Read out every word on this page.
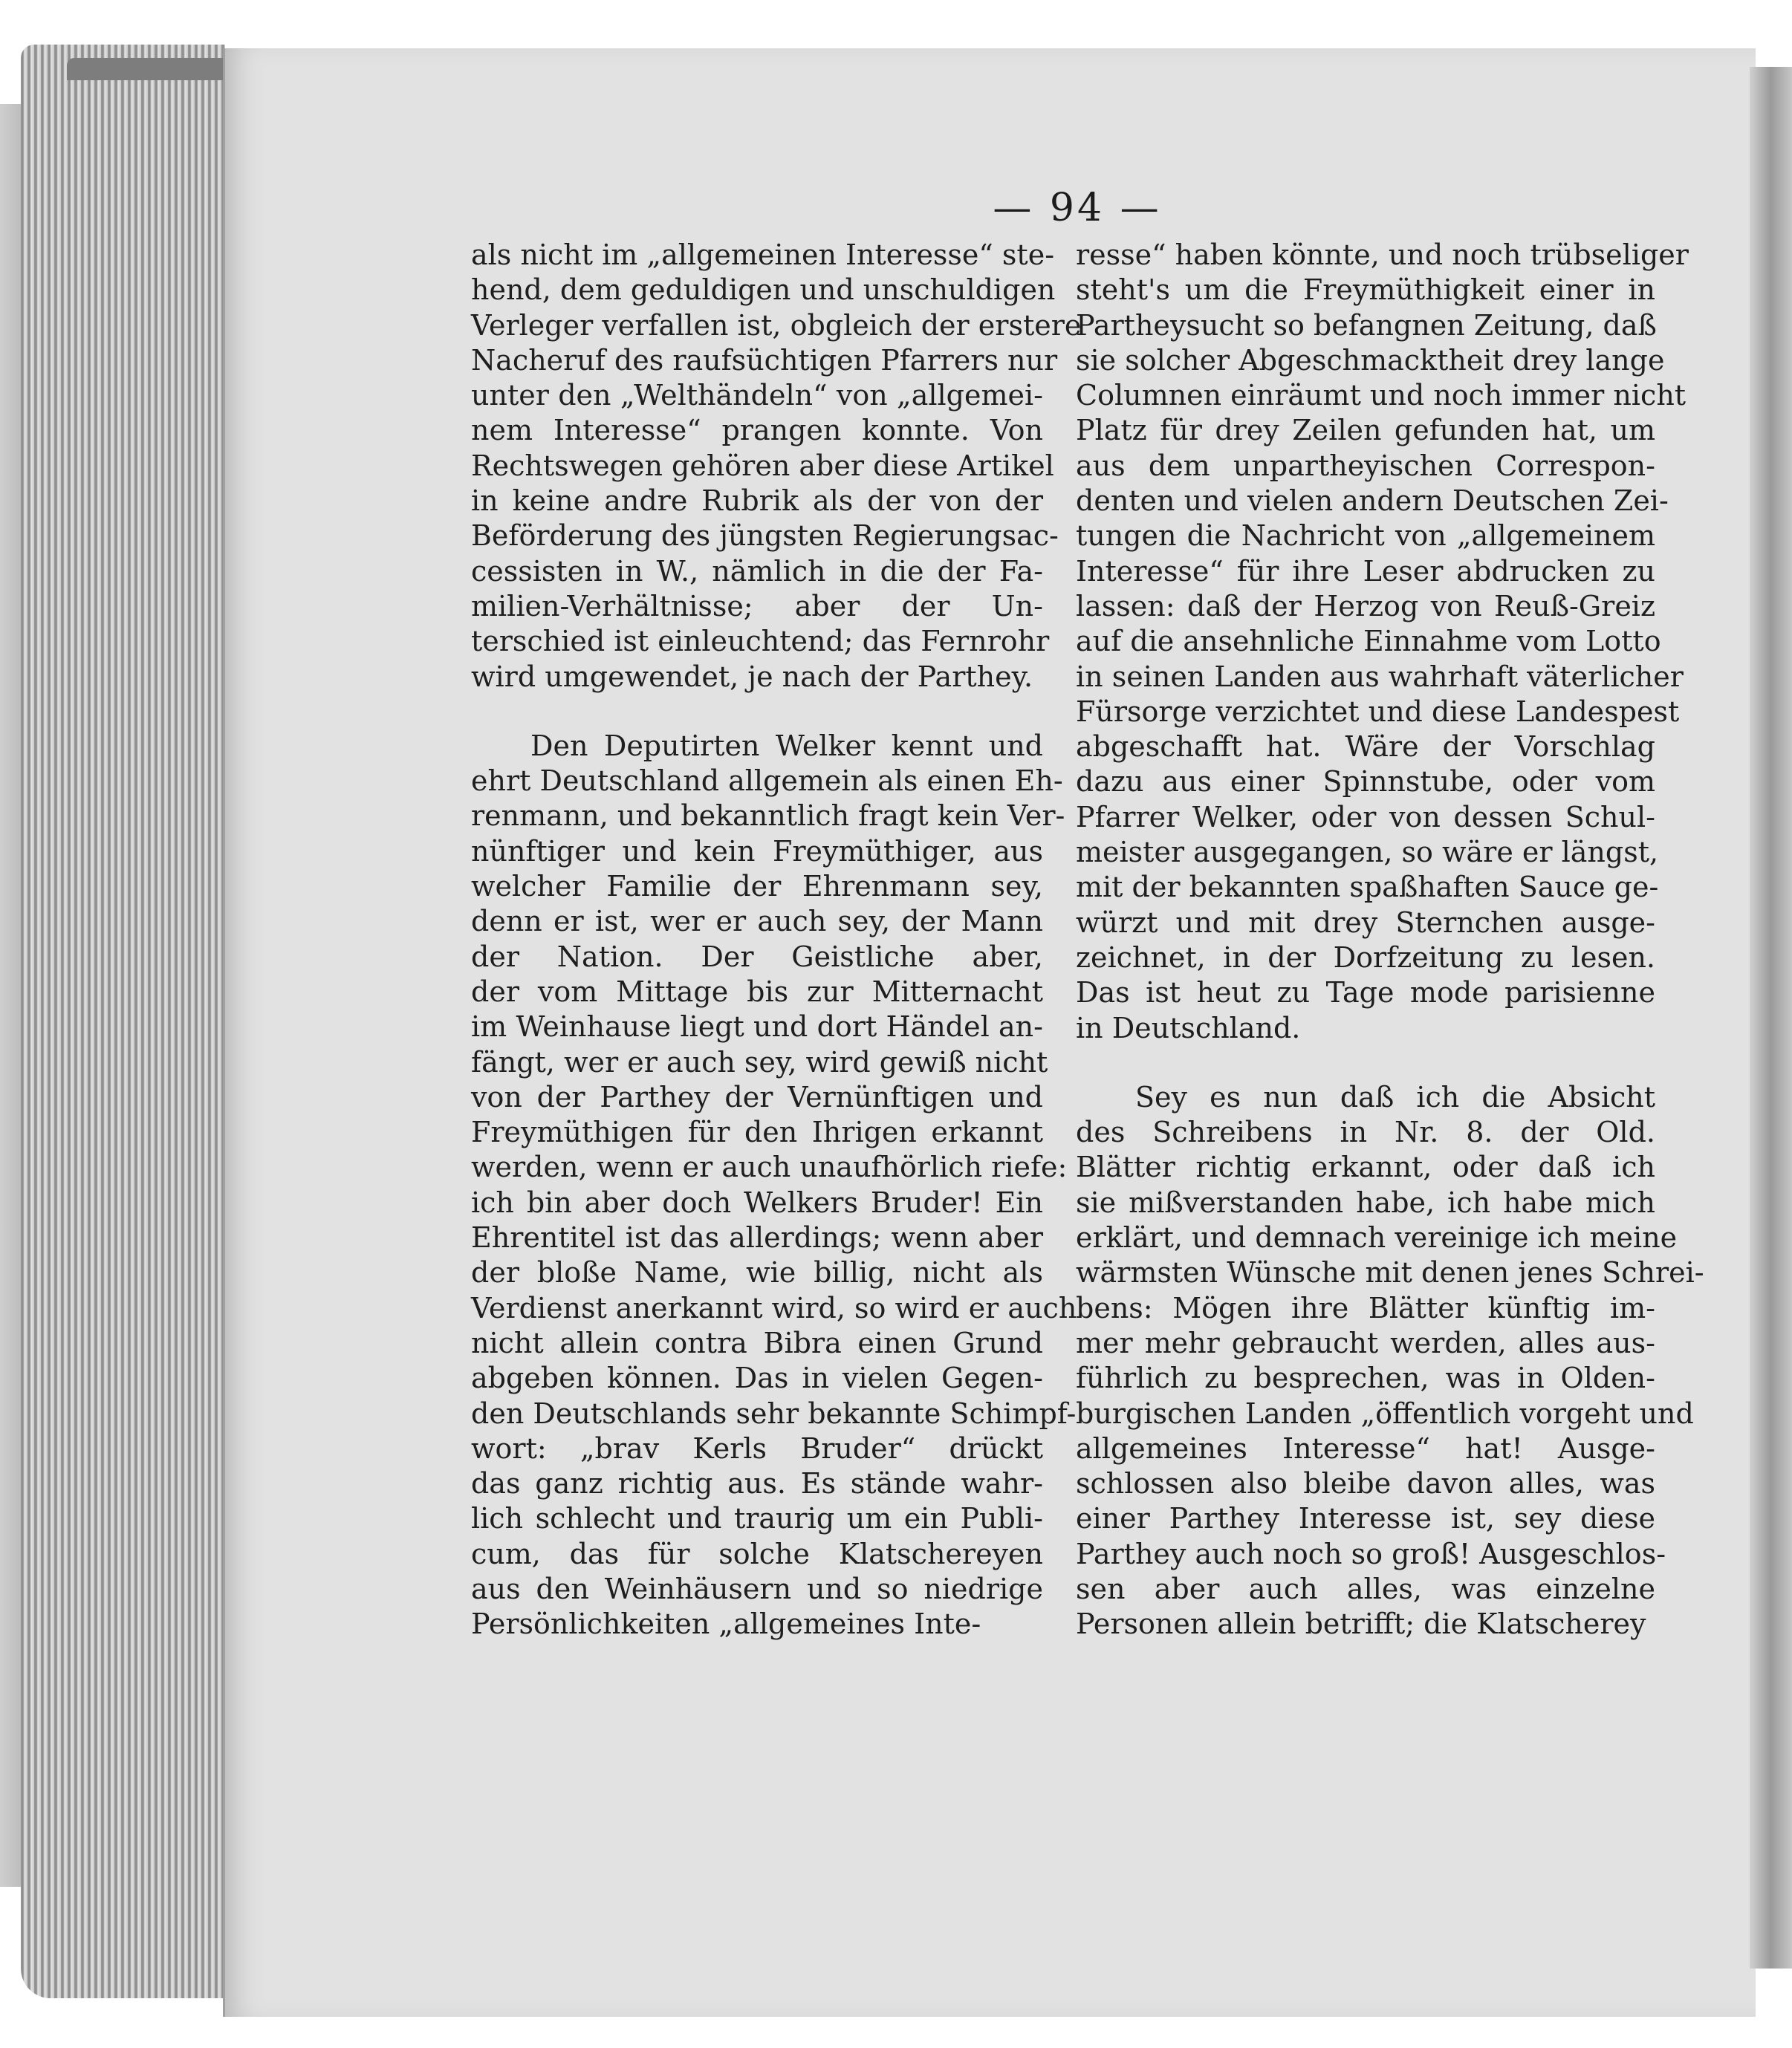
— 94 —
als nicht im „allgemeinen Interesse“ ste-
hend, dem geduldigen und unschuldigen
Verleger verfallen ist, obgleich der erstere
Nacheruf des raufsüchtigen Pfarrers nur
unter den „Welthändeln“ von „allgemei-
nem Interesse“ prangen konnte. Von
Rechtswegen gehören aber diese Artikel
in keine andre Rubrik als der von der
Beförderung des jüngsten Regierungsac-
cessisten in W., nämlich in die der Fa-
milien-Verhältnisse; aber der Un-
terschied ist einleuchtend; das Fernrohr
wird umgewendet, je nach der Parthey.
Den Deputirten Welker kennt und
ehrt Deutschland allgemein als einen Eh-
renmann, und bekanntlich fragt kein Ver-
nünftiger und kein Freymüthiger, aus
welcher Familie der Ehrenmann sey,
denn er ist, wer er auch sey, der Mann
der Nation. Der Geistliche aber,
der vom Mittage bis zur Mitternacht
im Weinhause liegt und dort Händel an-
fängt, wer er auch sey, wird gewiß nicht
von der Parthey der Vernünftigen und
Freymüthigen für den Ihrigen erkannt
werden, wenn er auch unaufhörlich riefe:
ich bin aber doch Welkers Bruder! Ein
Ehrentitel ist das allerdings; wenn aber
der bloße Name, wie billig, nicht als
Verdienst anerkannt wird, so wird er auch
nicht allein contra Bibra einen Grund
abgeben können. Das in vielen Gegen-
den Deutschlands sehr bekannte Schimpf-
wort: „brav Kerls Bruder“ drückt
das ganz richtig aus. Es stände wahr-
lich schlecht und traurig um ein Publi-
cum, das für solche Klatschereyen
aus den Weinhäusern und so niedrige
Persönlichkeiten „allgemeines Inte-
resse“ haben könnte, und noch trübseliger
steht's um die Freymüthigkeit einer in
Parthеysucht so befangnen Zeitung, daß
sie solcher Abgeschmacktheit drey lange
Columnen einräumt und noch immer nicht
Platz für drey Zeilen gefunden hat, um
aus dem unpartheyischen Correspon-
denten und vielen andern Deutschen Zei-
tungen die Nachricht von „allgemeinem
Interesse“ für ihre Leser abdrucken zu
lassen: daß der Herzog von Reuß-Greiz
auf die ansehnliche Einnahme vom Lotto
in seinen Landen aus wahrhaft väterlicher
Fürsorge verzichtet und diese Landespest
abgeschafft hat. Wäre der Vorschlag
dazu aus einer Spinnstube, oder vom
Pfarrer Welker, oder von dessen Schul-
meister ausgegangen, so wäre er längst,
mit der bekannten spaßhaften Sauce ge-
würzt und mit drey Sternchen ausge-
zeichnet, in der Dorfzeitung zu lesen.
Das ist heut zu Tage mode parisienne
in Deutschland.
Sey es nun daß ich die Absicht
des Schreibens in Nr. 8. der Old.
Blätter richtig erkannt, oder daß ich
sie mißverstanden habe, ich habe mich
erklärt, und demnach vereinige ich meine
wärmsten Wünsche mit denen jenes Schrei-
bens: Mögen ihre Blätter künftig im-
mer mehr gebraucht werden, alles aus-
führlich zu besprechen, was in Olden-
burgischen Landen „öffentlich vorgeht und
allgemeines Interesse“ hat! Ausge-
schlossen also bleibe davon alles, was
einer Parthey Interesse ist, sey diese
Parthey auch noch so groß! Ausgeschlos-
sen aber auch alles, was einzelne
Personen allein betrifft; die Klatscherey
